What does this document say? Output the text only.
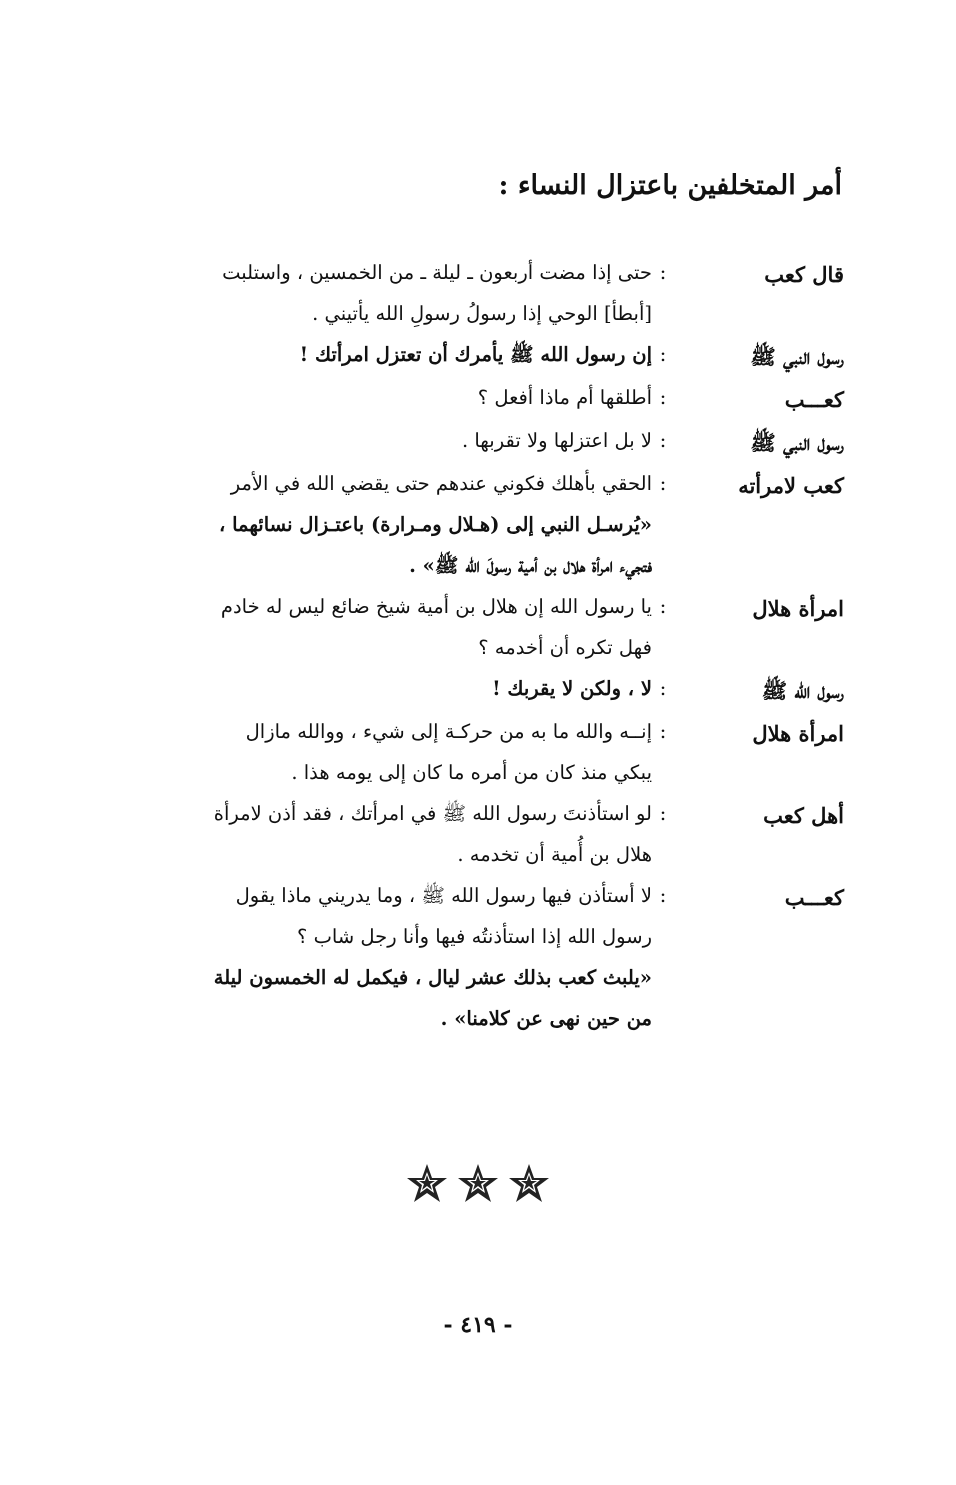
أمر المتخلفين باعتزال النساء :
قال كعب
:
حتى إذا مضت أربعون ـ ليلة ـ من الخمسين ، واستلبت
[أبطأ] الوحي إذا رسولُ رسولِ الله يأتيني .
رسول النبي ﷺ
:
إن رسول الله ﷺ يأمرك أن تعتزل امرأتك !
كعـــب
:
أطلقها أم ماذا أفعل ؟
رسول النبي ﷺ
:
لا بل اعتزلها ولا تقربها .
كعب لامرأته
:
الحقي بأهلك فكوني عندهم حتى يقضي الله في الأمر
«يُرسـل النبي إلى (هـلال ومـرارة) باعتـزال نسائهما ،
فتجيء امرأة هلال بن أمية رسولَ الله ﷺ» .
امرأة هلال
:
يا رسول الله إن هلال بن أمية شيخ ضائع ليس له خادم
فهل تكره أن أخدمه ؟
رسول الله ﷺ
:
لا ، ولكن لا يقربك !
امرأة هلال
:
إنــه والله ما به من حركـة إلى شيء ، ووالله مازال
يبكي منذ كان من أمره ما كان إلى يومه هذا .
أهل كعب
:
لو استأذنتَ رسول الله ﷺ في امرأتك ، فقد أذن لامرأة
هلال بن أُمية أن تخدمه .
كعـــب
:
لا أستأذن فيها رسول الله ﷺ ، وما يدريني ماذا يقول
رسول الله إذا استأذنتُه فيها وأنا رجل شاب ؟
«يلبث كعب بذلك عشر ليال ، فيكمل له الخمسون ليلة
من حين نهى عن كلامنا» .

- ٤١٩ -
